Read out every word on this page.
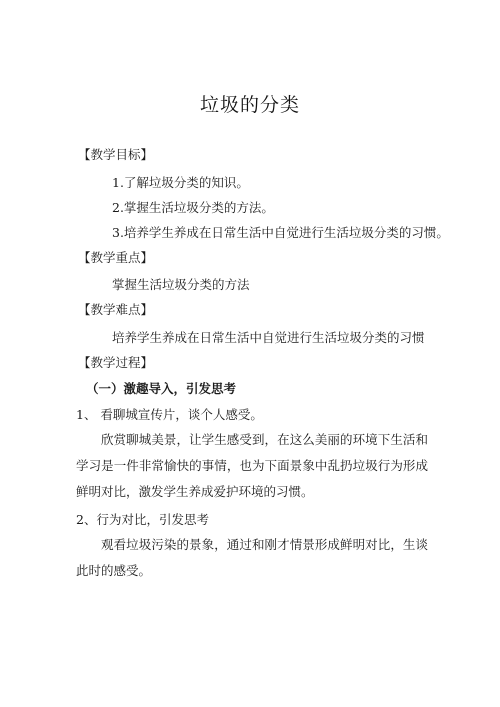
垃圾的分类
【教学目标】
1.了解垃圾分类的知识。
2.掌握生活垃圾分类的方法。
3.培养学生养成在日常生活中自觉进行生活垃圾分类的习惯。
【教学重点】
掌握生活垃圾分类的方法
【教学难点】
培养学生养成在日常生活中自觉进行生活垃圾分类的习惯
【教学过程】
（一）激趣导入，引发思考
1、 看聊城宣传片，谈个人感受。

欣赏聊城美景，让学生感受到，在这么美丽的环境下生活和学习是一件非常愉快的事情，也为下面景象中乱扔垃圾行为形成鲜明对比，激发学生养成爱护环境的习惯。

2、行为对比，引发思考

观看垃圾污染的景象，通过和刚才情景形成鲜明对比，生谈此时的感受。
